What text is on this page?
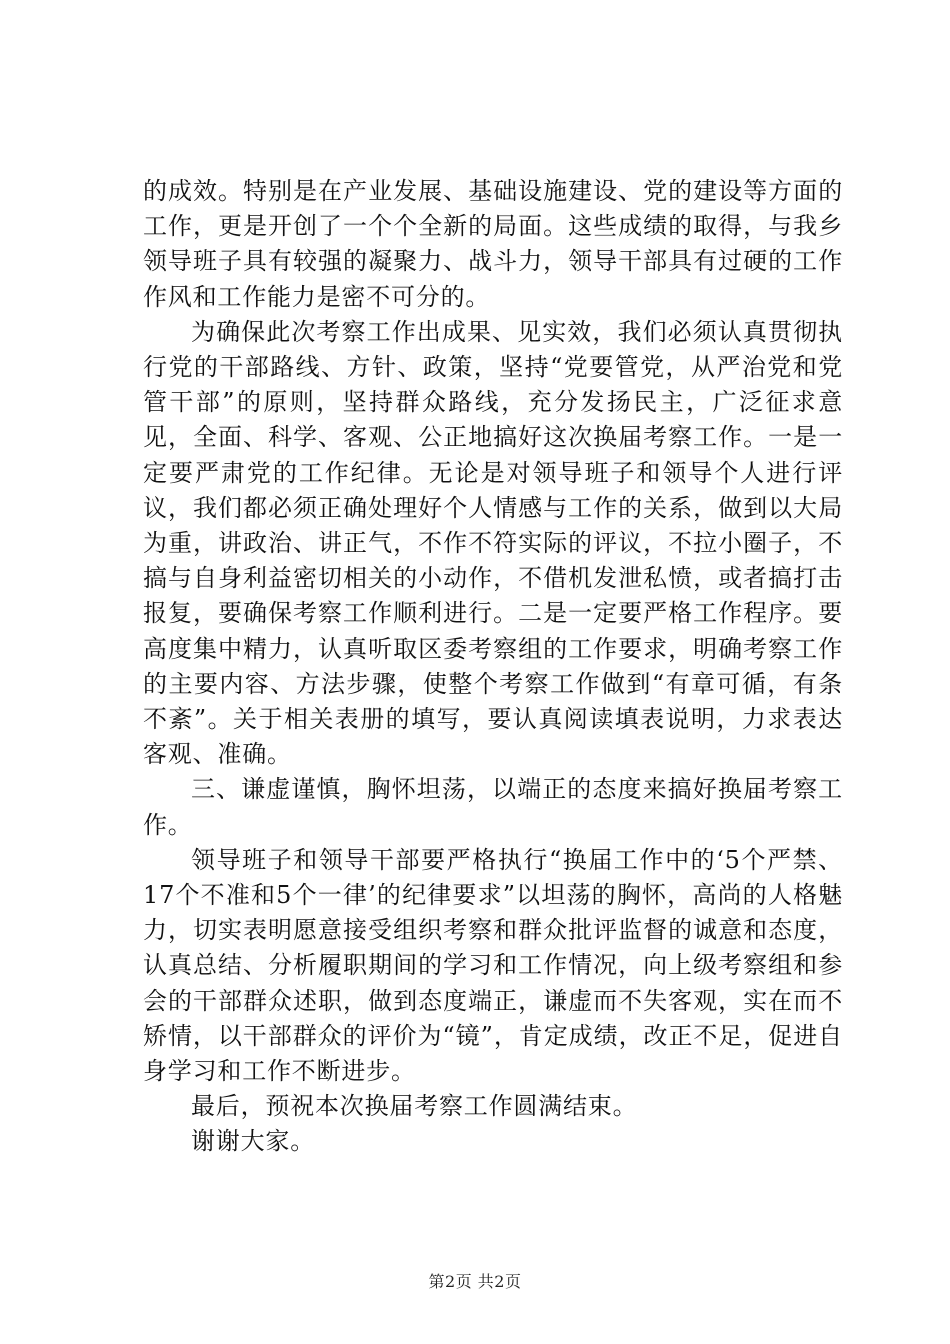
的成效。特别是在产业发展、基础设施建设、党的建设等方面的工作，更是开创了一个个全新的局面。这些成绩的取得，与我乡领导班子具有较强的凝聚力、战斗力，领导干部具有过硬的工作作风和工作能力是密不可分的。

为确保此次考察工作出成果、见实效，我们必须认真贯彻执行党的干部路线、方针、政策，坚持“党要管党，从严治党和党管干部”的原则，坚持群众路线，充分发扬民主，广泛征求意见，全面、科学、客观、公正地搞好这次换届考察工作。一是一定要严肃党的工作纪律。无论是对领导班子和领导个人进行评议，我们都必须正确处理好个人情感与工作的关系，做到以大局为重，讲政治、讲正气，不作不符实际的评议，不拉小圈子，不搞与自身利益密切相关的小动作，不借机发泄私愤，或者搞打击报复，要确保考察工作顺利进行。二是一定要严格工作程序。要高度集中精力，认真听取区委考察组的工作要求，明确考察工作的主要内容、方法步骤，使整个考察工作做到“有章可循，有条不紊”。关于相关表册的填写，要认真阅读填表说明，力求表达客观、准确。

三、谦虚谨慎，胸怀坦荡，以端正的态度来搞好换届考察工作。

领导班子和领导干部要严格执行“换届工作中的‘5个严禁、17个不准和5个一律’的纪律要求”以坦荡的胸怀，高尚的人格魅力，切实表明愿意接受组织考察和群众批评监督的诚意和态度，认真总结、分析履职期间的学习和工作情况，向上级考察组和参会的干部群众述职，做到态度端正，谦虚而不失客观，实在而不矫情，以干部群众的评价为“镜”，肯定成绩，改正不足，促进自身学习和工作不断进步。

最后，预祝本次换届考察工作圆满结束。

谢谢大家。

第2页 共2页
